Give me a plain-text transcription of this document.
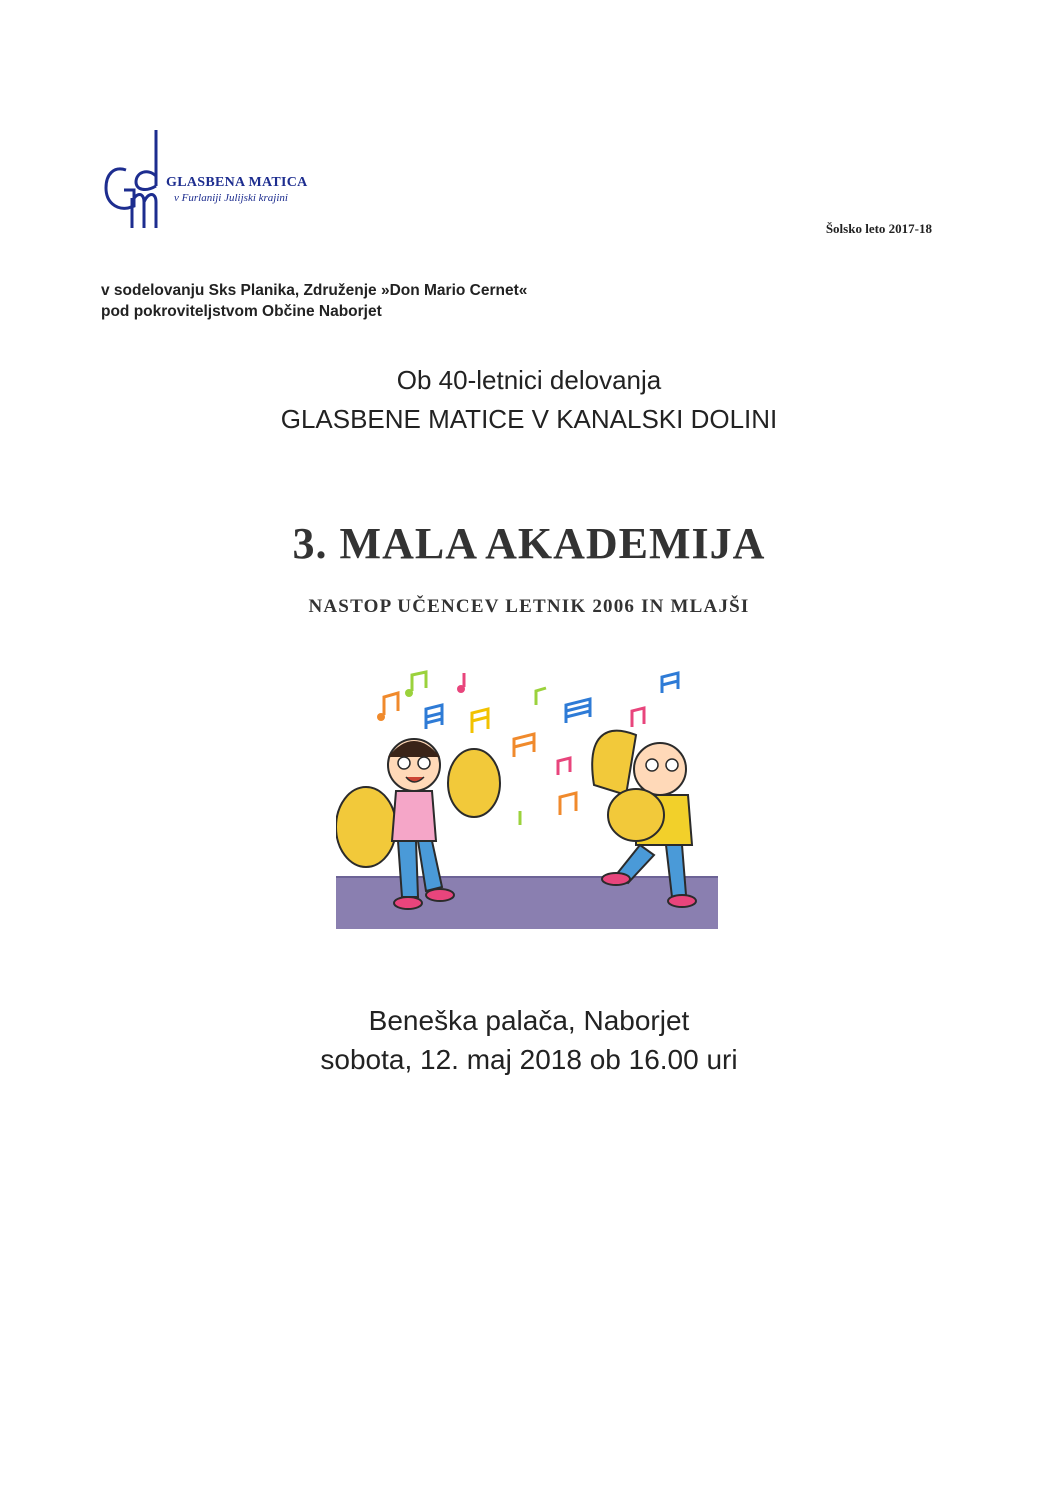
GLASBENA MATICA
v Furlaniji Julijski krajini
Šolsko leto 2017-18
v sodelovanju Sks Planika, Združenje »Don Mario Cernet«
pod pokroviteljstvom Občine Naborjet
Ob 40-letnici delovanja
GLASBENE MATICE V KANALSKI DOLINI
3. MALA AKADEMIJA
NASTOP UČENCEV LETNIK 2006 IN MLAJŠI
Beneška palača, Naborjet
sobota, 12. maj 2018 ob 16.00 uri
